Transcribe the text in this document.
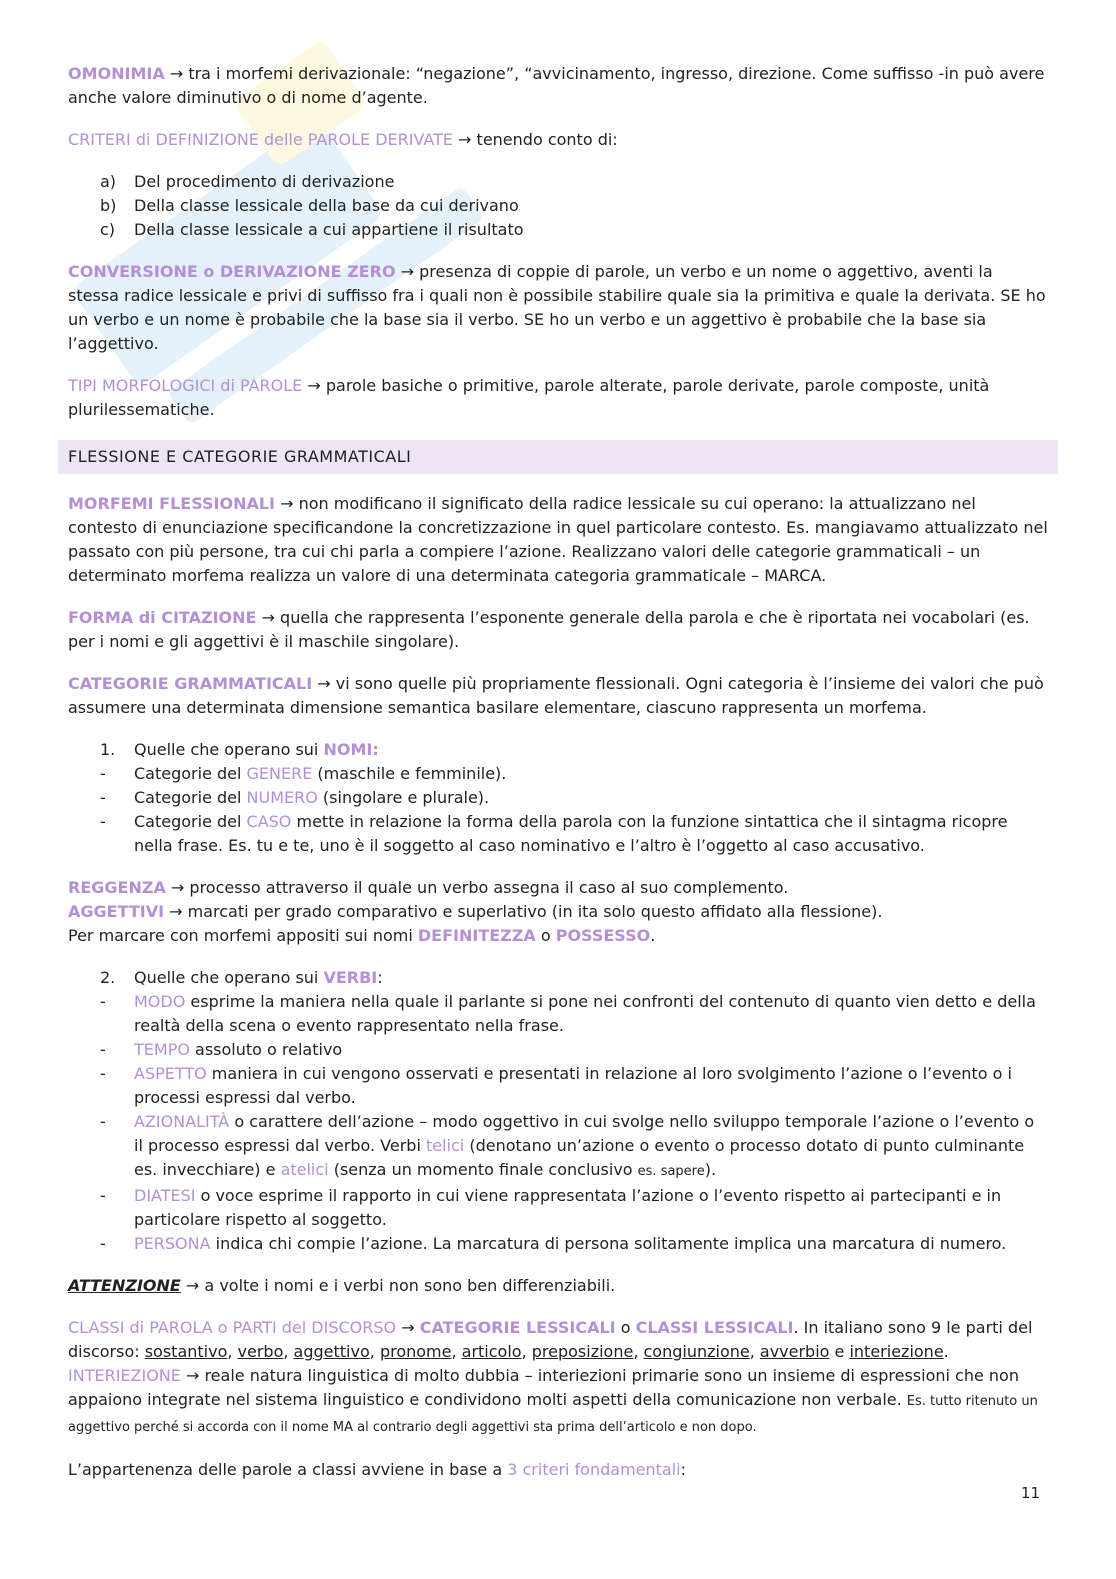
OMONIMIA → tra i morfemi derivazionale: “negazione”, “avvicinamento, ingresso, direzione. Come suffisso -in può avere anche valore diminutivo o di nome d’agente.

CRITERI di DEFINIZIONE delle PAROLE DERIVATE → tenendo conto di:

a) Del procedimento di derivazione
b) Della classe lessicale della base da cui derivano
c) Della classe lessicale a cui appartiene il risultato

CONVERSIONE o DERIVAZIONE ZERO → presenza di coppie di parole, un verbo e un nome o aggettivo, aventi la stessa radice lessicale e privi di suffisso fra i quali non è possibile stabilire quale sia la primitiva e quale la derivata. SE ho un verbo e un nome è probabile che la base sia il verbo. SE ho un verbo e un aggettivo è probabile che la base sia l’aggettivo.

TIPI MORFOLOGICI di PAROLE → parole basiche o primitive, parole alterate, parole derivate, parole composte, unità plurilessematiche.

FLESSIONE E CATEGORIE GRAMMATICALI

MORFEMI FLESSIONALI → non modificano il significato della radice lessicale su cui operano: la attualizzano nel contesto di enunciazione specificandone la concretizzazione in quel particolare contesto. Es. mangiavamo attualizzato nel passato con più persone, tra cui chi parla a compiere l’azione. Realizzano valori delle categorie grammaticali – un determinato morfema realizza un valore di una determinata categoria grammaticale – MARCA.

FORMA di CITAZIONE → quella che rappresenta l’esponente generale della parola e che è riportata nei vocabolari (es. per i nomi e gli aggettivi è il maschile singolare).

CATEGORIE GRAMMATICALI → vi sono quelle più propriamente flessionali. Ogni categoria è l’insieme dei valori che può assumere una determinata dimensione semantica basilare elementare, ciascuno rappresenta un morfema.

1. Quelle che operano sui NOMI:
- Categorie del GENERE (maschile e femminile).
- Categorie del NUMERO (singolare e plurale).
- Categorie del CASO mette in relazione la forma della parola con la funzione sintattica che il sintagma ricopre nella frase. Es. tu e te, uno è il soggetto al caso nominativo e l’altro è l’oggetto al caso accusativo.

REGGENZA → processo attraverso il quale un verbo assegna il caso al suo complemento.
AGGETTIVI → marcati per grado comparativo e superlativo (in ita solo questo affidato alla flessione).
Per marcare con morfemi appositi sui nomi DEFINITEZZA o POSSESSO.

2. Quelle che operano sui VERBI:
- MODO esprime la maniera nella quale il parlante si pone nei confronti del contenuto di quanto vien detto e della realtà della scena o evento rappresentato nella frase.
- TEMPO assoluto o relativo
- ASPETTO maniera in cui vengono osservati e presentati in relazione al loro svolgimento l’azione o l’evento o i processi espressi dal verbo.
- AZIONALITÀ o carattere dell’azione – modo oggettivo in cui svolge nello sviluppo temporale l’azione o l’evento o il processo espressi dal verbo. Verbi telici (denotano un’azione o evento o processo dotato di punto culminante es. invecchiare) e atelici (senza un momento finale conclusivo es. sapere).
- DIATESI o voce esprime il rapporto in cui viene rappresentata l’azione o l’evento rispetto ai partecipanti e in particolare rispetto al soggetto.
- PERSONA indica chi compie l’azione. La marcatura di persona solitamente implica una marcatura di numero.

ATTENZIONE → a volte i nomi e i verbi non sono ben differenziabili.

CLASSI di PAROLA o PARTI del DISCORSO → CATEGORIE LESSICALI o CLASSI LESSICALI. In italiano sono 9 le parti del discorso: sostantivo, verbo, aggettivo, pronome, articolo, preposizione, congiunzione, avverbio e interiezione.
INTERIEZIONE → reale natura linguistica di molto dubbia – interiezioni primarie sono un insieme di espressioni che non appaiono integrate nel sistema linguistico e condividono molti aspetti della comunicazione non verbale. Es. tutto ritenuto un aggettivo perché si accorda con il nome MA al contrario degli aggettivi sta prima dell’articolo e non dopo.

L’appartenenza delle parole a classi avviene in base a 3 criteri fondamentali:

11
